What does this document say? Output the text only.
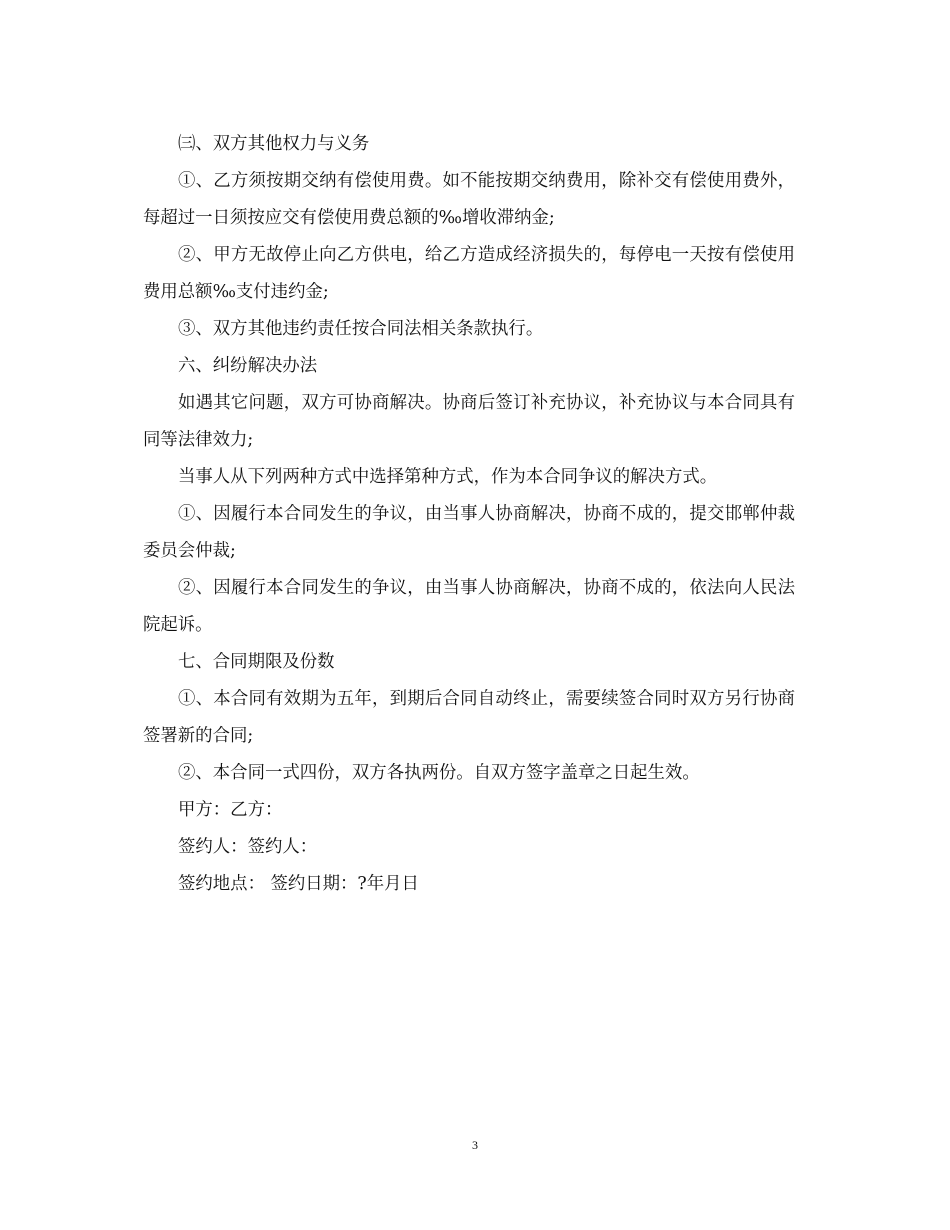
㈢、双方其他权力与义务

①、乙方须按期交纳有偿使用费。如不能按期交纳费用，除补交有偿使用费外，每超过一日须按应交有偿使用费总额的‰增收滞纳金;

②、甲方无故停止向乙方供电，给乙方造成经济损失的，每停电一天按有偿使用费用总额‰支付违约金;

③、双方其他违约责任按合同法相关条款执行。

六、纠纷解决办法

如遇其它问题，双方可协商解决。协商后签订补充协议，补充协议与本合同具有同等法律效力;

当事人从下列两种方式中选择第种方式，作为本合同争议的解决方式。

①、因履行本合同发生的争议，由当事人协商解决，协商不成的，提交邯郸仲裁委员会仲裁;

②、因履行本合同发生的争议，由当事人协商解决，协商不成的，依法向人民法院起诉。

七、合同期限及份数

①、本合同有效期为五年，到期后合同自动终止，需要续签合同时双方另行协商签署新的合同;

②、本合同一式四份，双方各执两份。自双方签字盖章之日起生效。

甲方：乙方：

签约人：签约人：

签约地点： 签约日期：?年月日

3
